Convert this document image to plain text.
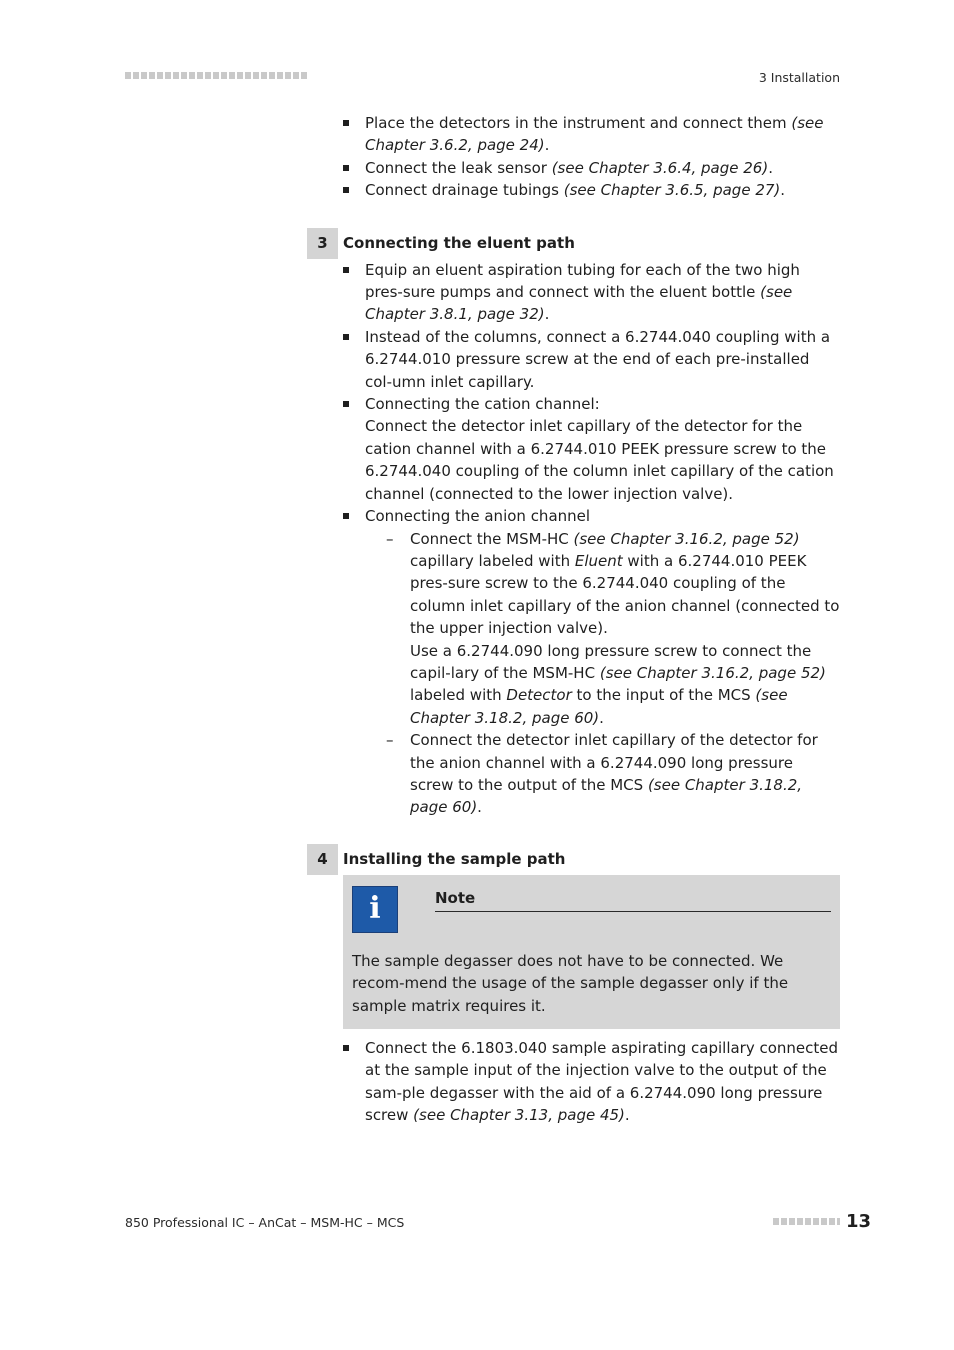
3 Installation
Place the detectors in the instrument and connect them (see Chapter 3.6.2, page 24).
Connect the leak sensor (see Chapter 3.6.4, page 26).
Connect drainage tubings (see Chapter 3.6.5, page 27).
3	Connecting the eluent path
Equip an eluent aspiration tubing for each of the two high pres-sure pumps and connect with the eluent bottle (see Chapter 3.8.1, page 32).
Instead of the columns, connect a 6.2744.040 coupling with a 6.2744.010 pressure screw at the end of each pre-installed col-umn inlet capillary.
Connecting the cation channel:
Connect the detector inlet capillary of the detector for the cation channel with a 6.2744.010 PEEK pressure screw to the 6.2744.040 coupling of the column inlet capillary of the cation channel (connected to the lower injection valve).
Connecting the anion channel
– Connect the MSM-HC (see Chapter 3.16.2, page 52) capillary labeled with Eluent with a 6.2744.010 PEEK pres-sure screw to the 6.2744.040 coupling of the column inlet capillary of the anion channel (connected to the upper injection valve).
Use a 6.2744.090 long pressure screw to connect the capil-lary of the MSM-HC (see Chapter 3.16.2, page 52) labeled with Detector to the input of the MCS (see Chapter 3.18.2, page 60).
– Connect the detector inlet capillary of the detector for the anion channel with a 6.2744.090 long pressure screw to the output of the MCS (see Chapter 3.18.2, page 60).
4	Installing the sample path
i	Note
The sample degasser does not have to be connected. We recom-mend the usage of the sample degasser only if the sample matrix requires it.
Connect the 6.1803.040 sample aspirating capillary connected at the sample input of the injection valve to the output of the sam-ple degasser with the aid of a 6.2744.090 long pressure screw (see Chapter 3.13, page 45).
850 Professional IC – AnCat – MSM-HC – MCS	13
